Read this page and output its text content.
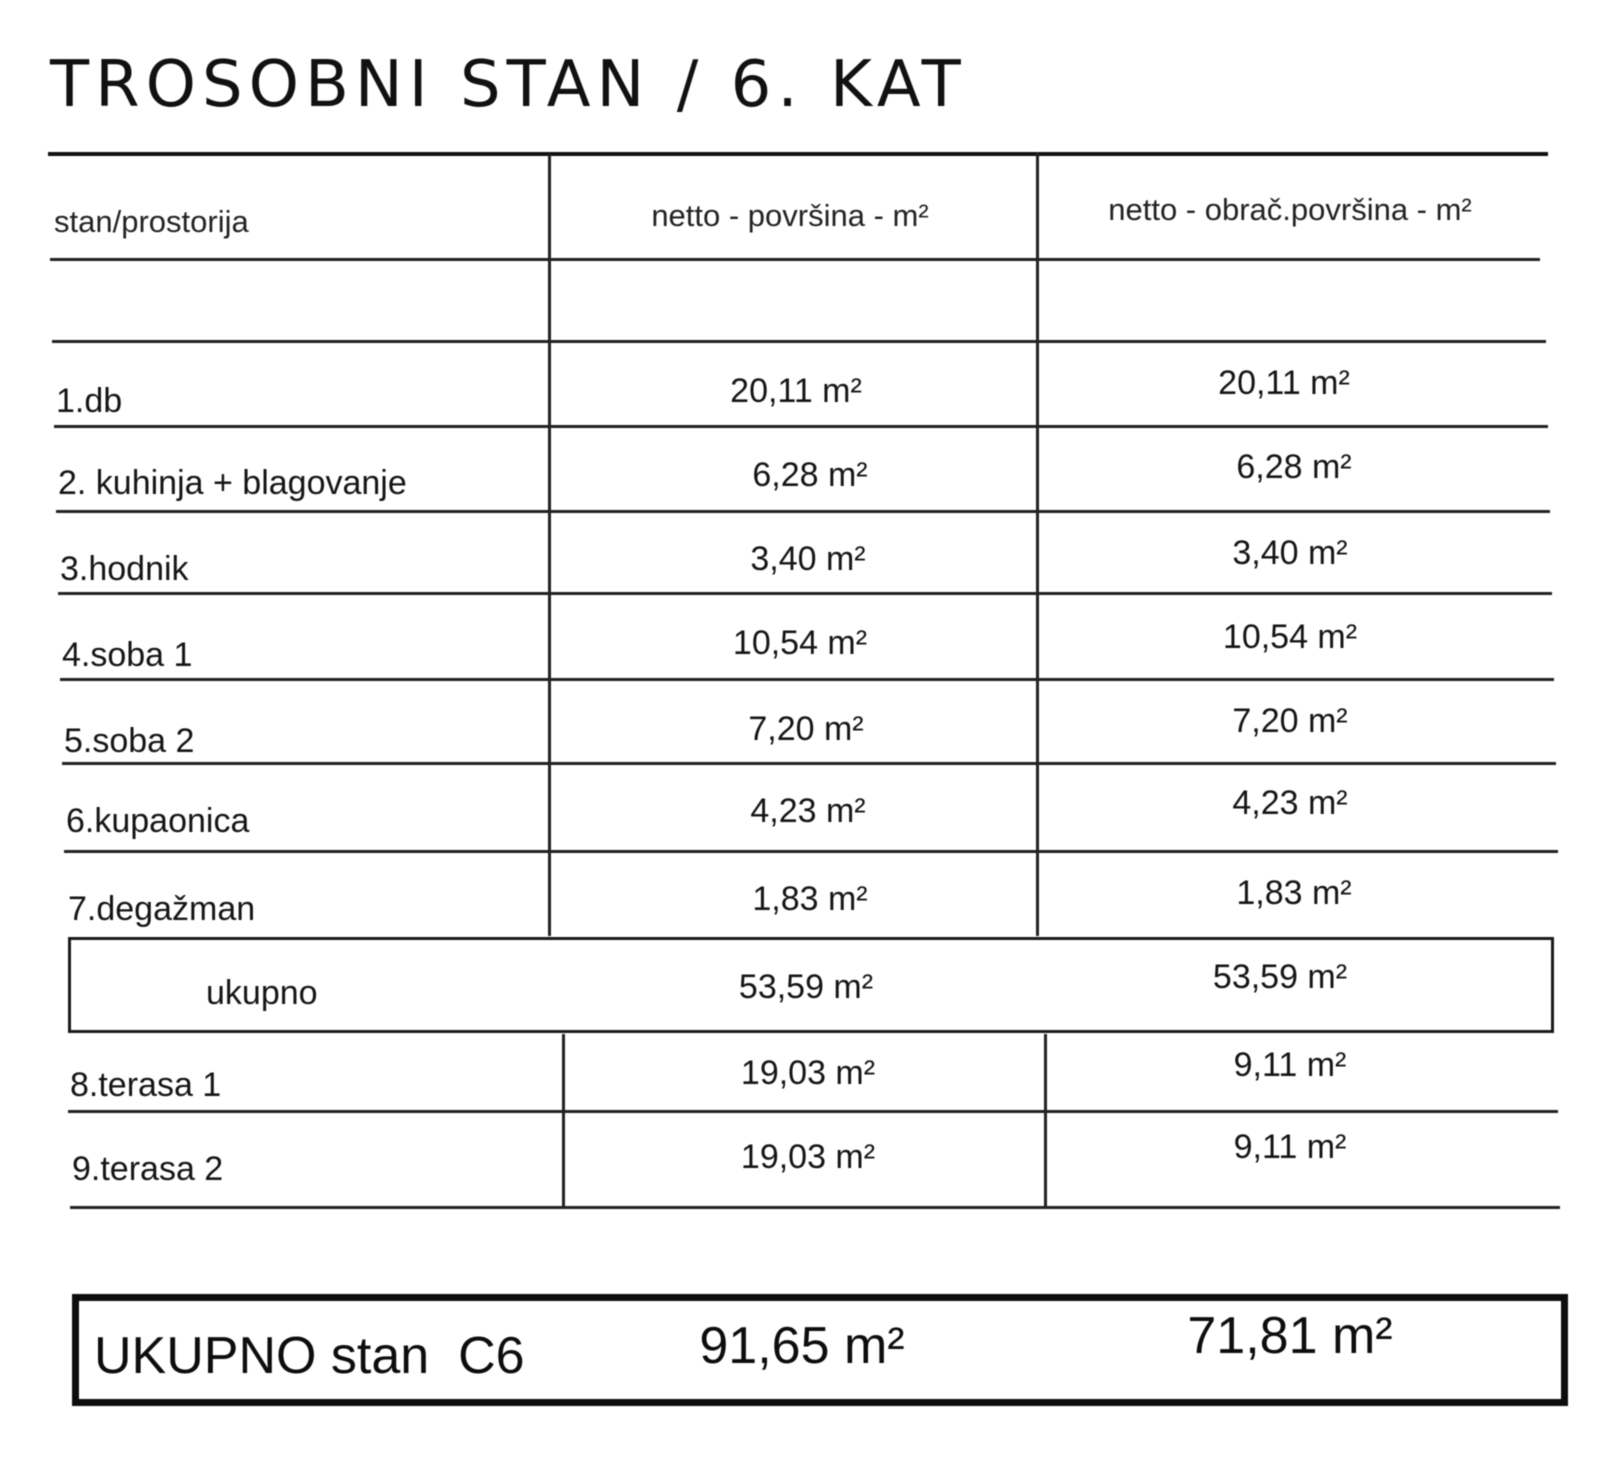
TROSOBNI STAN / 6. KAT
stan/prostorija	netto - površina - m²	netto - obrač.površina - m²
1.db	20,11 m²	20,11 m²
2. kuhinja + blagovanje	6,28 m²	6,28 m²
3.hodnik	3,40 m²	3,40 m²
4.soba 1	10,54 m²	10,54 m²
5.soba 2	7,20 m²	7,20 m²
6.kupaonica	4,23 m²	4,23 m²
7.degažman	1,83 m²	1,83 m²
ukupno	53,59 m²	53,59 m²
8.terasa 1	19,03 m²	9,11 m²
9.terasa 2	19,03 m²	9,11 m²
UKUPNO stan  C6	91,65 m²	71,81 m²
